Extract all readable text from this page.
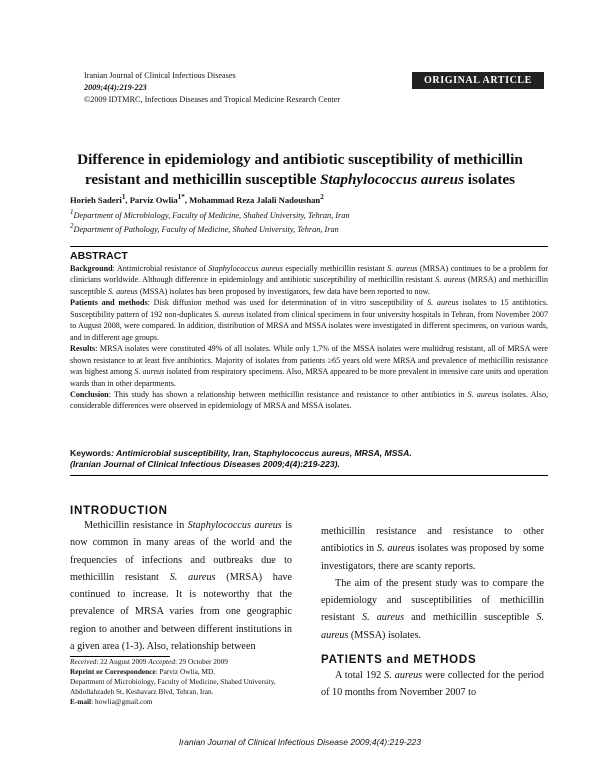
Iranian Journal of Clinical Infectious Diseases
2009;4(4):219-223
©2009 IDTMRC, Infectious Diseases and Tropical Medicine Research Center
ORIGINAL ARTICLE
Difference in epidemiology and antibiotic susceptibility of methicillin
resistant and methicillin susceptible Staphylococcus aureus isolates
Horieh Saderi$^1$, Parviz Owlia$^{1*}$, Mohammad Reza Jalali Nadoushan$^2$
$^1$Department of Microbiology, Faculty of Medicine, Shahed University, Tehran, Iran
$^2$Department of Pathology, Faculty of Medicine, Shahed University, Tehran, Iran
ABSTRACT

Background: Antimicrobial resistance of Staphylococcus aureus especially methicillin resistant S. aureus (MRSA) continues to be a problem for clinicians worldwide. Although difference in epidemiology and antibiotic susceptibility of methicillin resistant S. aureus (MRSA) and methicillin susceptible S. aureus (MSSA) isolates has been proposed by investigators, few data have been reported to now.

Patients and methods: Disk diffusion method was used for determination of in vitro susceptibility of S. aureus isolates to 15 antibiotics. Susceptibility pattern of 192 non-duplicates S. aureus isolated from clinical specimens in four university hospitals in Tehran, from November 2007 to August 2008, were compared. In addition, distribution of MRSA and MSSA isolates were investigated in different specimens, on various wards, and in different age groups.

Results: MRSA isolates were constituted 49% of all isolates. While only 1.7% of the MSSA isolates were multidrug resistant, all of MRSA were shown resistance to at least five antibiotics. Majority of isolates from patients ≥65 years old were MRSA and prevalence of methicillin resistance was highest among S. aureus isolated from respiratory specimens. Also, MRSA appeared to be more prevalent in intensive care units and operation wards than in other departments.

Conclusion: This study has shown a relationship between methicillin resistance and resistance to other antibiotics in S. aureus isolates. Also, considerable differences were observed in epidemiology of MRSA and MSSA isolates.

Keywords: Antimicrobial susceptibility, Iran, Staphylococcus aureus, MRSA, MSSA.
(Iranian Journal of Clinical Infectious Diseases 2009;4(4):219-223).
INTRODUCTION

Methicillin resistance in Staphylococcus aureus is now common in many areas of the world and the frequencies of infections and outbreaks due to methicillin resistant S. aureus (MRSA) have continued to increase. It is noteworthy that the prevalence of MRSA varies from one geographic region to another and between different institutions in a given area (1-3). Also, relationship between

Received: 22 August 2009 Accepted: 29 October 2009
Reprint or Correspondence: Parviz Owlia, MD.
Department of Microbiology, Faculty of Medicine, Shahed University, Abdollahzadeh St, Keshavarz Blvd, Tehran, Iran.
E-mail: howlia@gmail.com

methicillin resistance and resistance to other antibiotics in S. aureus isolates was proposed by some investigators, there are scanty reports.

The aim of the present study was to compare the epidemiology and susceptibilities of methicillin resistant S. aureus and methicillin susceptible S. aureus (MSSA) isolates.

PATIENTS and METHODS

A total 192 S. aureus were collected for the period of 10 months from November 2007 to

Iranian Journal of Clinical Infectious Disease 2009;4(4):219-223
